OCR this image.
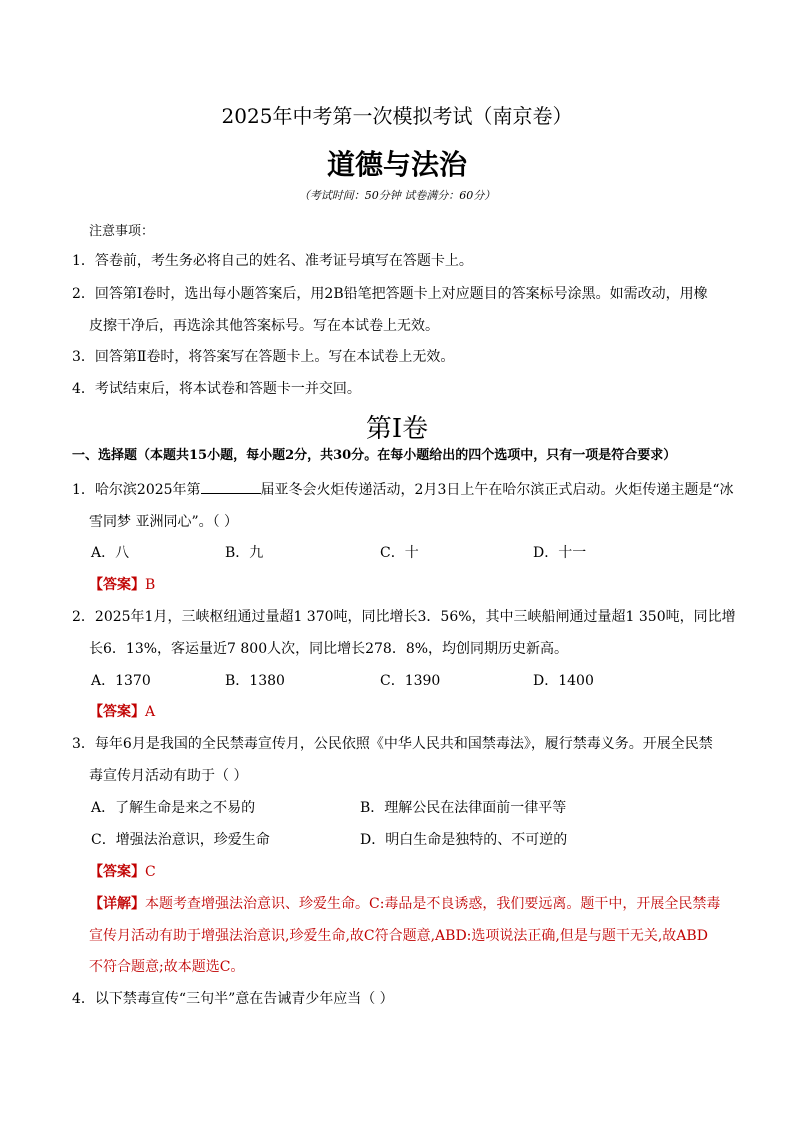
2025年中考第一次模拟考试（南京卷）
道德与法治
（考试时间：50分钟 试卷满分：60分）
注意事项：
1．答卷前，考生务必将自己的姓名、准考证号填写在答题卡上。
2．回答第Ⅰ卷时，选出每小题答案后，用2B铅笔把答题卡上对应题目的答案标号涂黑。如需改动，用橡
皮擦干净后，再选涂其他答案标号。写在本试卷上无效。
3．回答第Ⅱ卷时，将答案写在答题卡上。写在本试卷上无效。
4．考试结束后，将本试卷和答题卡一并交回。
第Ⅰ卷
一、选择题（本题共15小题，每小题2分，共30分。在每小题给出的四个选项中，只有一项是符合要求）
1．哈尔滨2025年第	届亚冬会火炬传递活动，2月3日上午在哈尔滨正式启动。火炬传递主题是“冰
雪同梦 亚洲同心”。（ ）
A．八	B．九	C．十	D．十一
【答案】B
2．2025年1月，三峡枢纽通过量超1 370吨，同比增长3．56%，其中三峡船闸通过量超1 350吨，同比增
长6．13%，客运量近7 800人次，同比增长278．8%，均创同期历史新高。
A．1370	B．1380	C．1390	D．1400
【答案】A
3．每年6月是我国的全民禁毒宣传月，公民依照《中华人民共和国禁毒法》，履行禁毒义务。开展全民禁
毒宣传月活动有助于（ ）
A．了解生命是来之不易的	B．理解公民在法律面前一律平等
C．增强法治意识，珍爱生命	D．明白生命是独特的、不可逆的
【答案】C
【详解】本题考查增强法治意识、珍爱生命。C:毒品是不良诱惑，我们要远离。题干中，开展全民禁毒
宣传月活动有助于增强法治意识,珍爱生命,故C符合题意,ABD:选项说法正确,但是与题干无关,故ABD
不符合题意;故本题选C。
4．以下禁毒宣传“三句半”意在告诫青少年应当（ ）
